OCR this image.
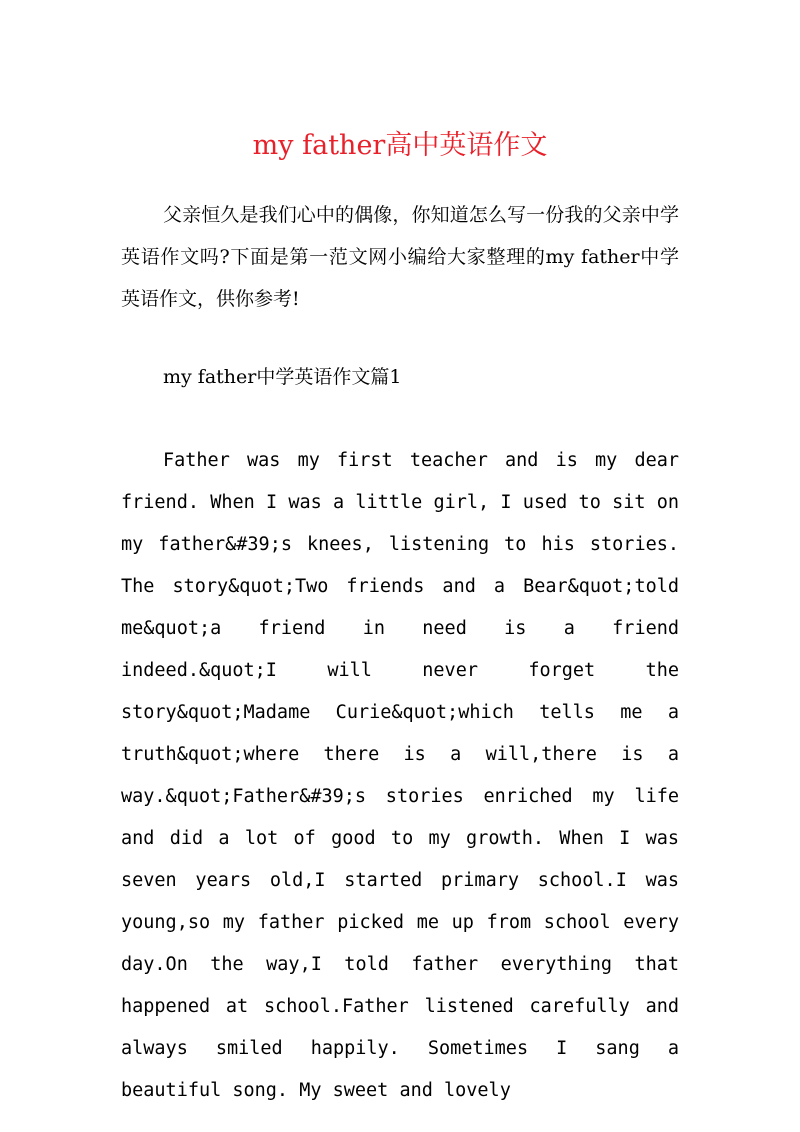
my father高中英语作文

父亲恒久是我们心中的偶像，你知道怎么写一份我的父亲中学英语作文吗?下面是第一范文网小编给大家整理的my father中学英语作文，供你参考!

my father中学英语作文篇1

Father was my first teacher and is my dear friend. When I was a little girl, I used to sit on my father&#39;s knees, listening to his stories. The story&quot;Two friends and a Bear&quot;told me&quot;a friend in need is a friend indeed.&quot;I will never forget the story&quot;Madame Curie&quot;which tells me a truth&quot;where there is a will,there is a way.&quot;Father&#39;s stories enriched my life and did a lot of good to my growth. When I was seven years old,I started primary school.I was young,so my father picked me up from school every day.On the way,I told father everything that happened at school.Father listened carefully and always smiled happily. Sometimes I sang a beautiful song. My sweet and lovely
